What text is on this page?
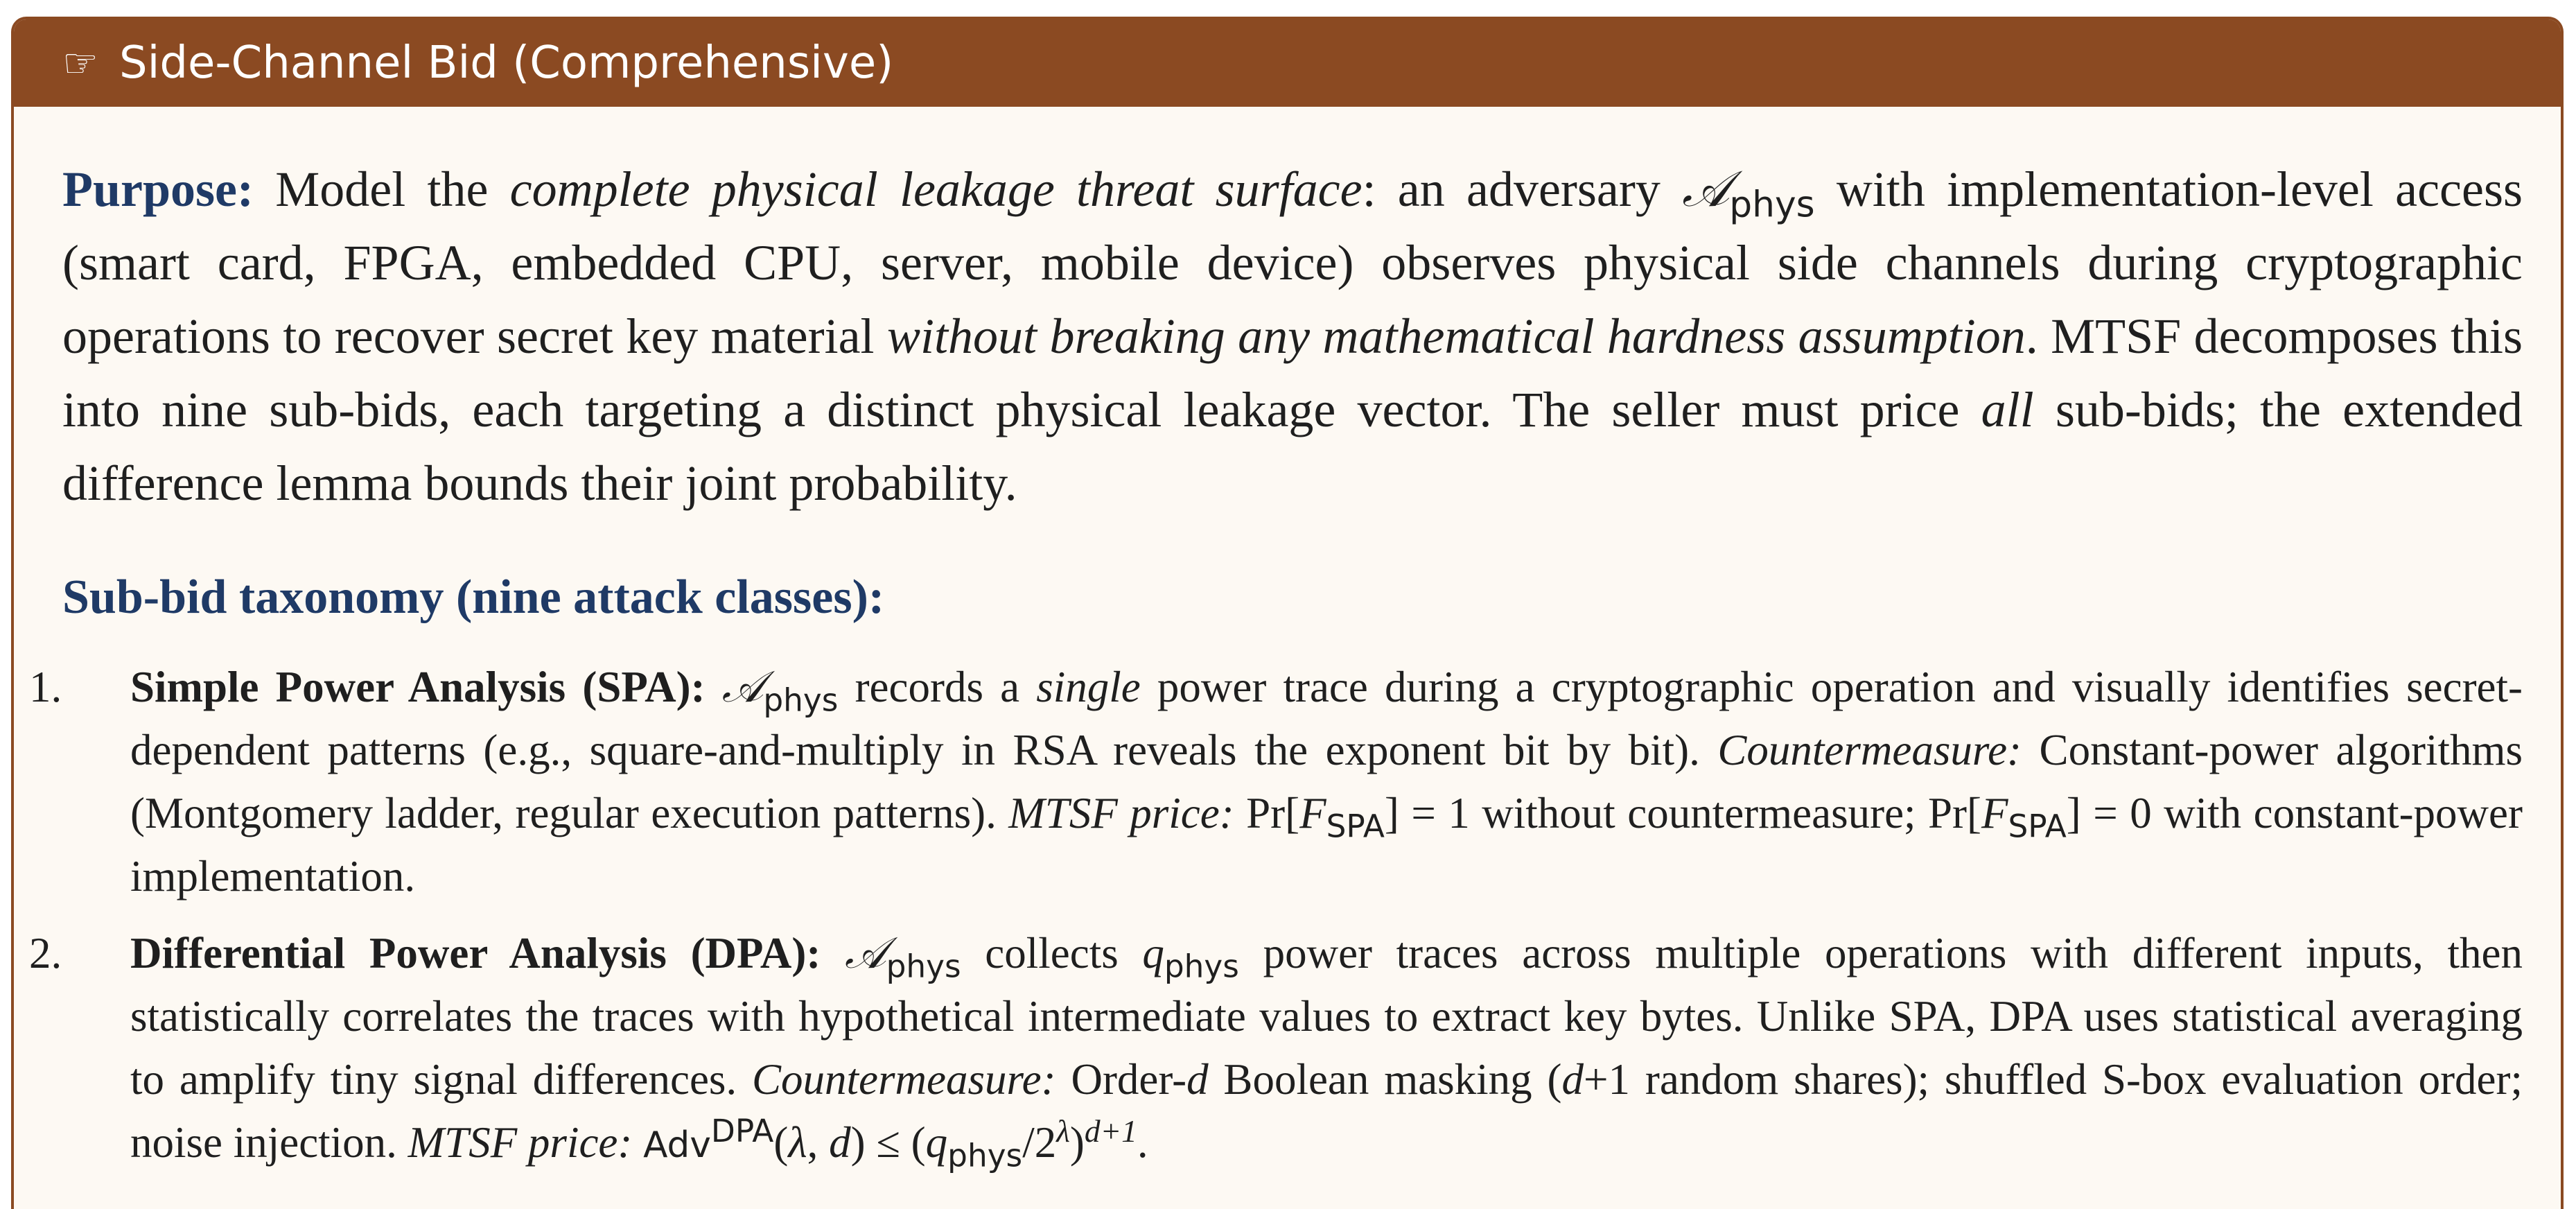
☞ Side-Channel Bid (Comprehensive)

Purpose: Model the complete physical leakage threat surface: an adversary 𝒜$_{phys}$ with implementation-level access (smart card, FPGA, embedded CPU, server, mobile device) observes physical side channels during cryptographic operations to recover secret key material without breaking any mathematical hardness assumption. MTSF decomposes this into nine sub-bids, each targeting a distinct physical leakage vector. The seller must price all sub-bids; the extended difference lemma bounds their joint probability.

Sub-bid taxonomy (nine attack classes):
1. Simple Power Analysis (SPA): 𝒜$_{phys}$ records a single power trace during a cryptographic operation and visually identifies secret-dependent patterns (e.g., square-and-multiply in RSA reveals the exponent bit by bit). Countermeasure: Constant-power algorithms (Montgomery ladder, regular execution patterns). MTSF price: $Pr[F_{SPA}] = 1$ without countermeasure; $Pr[F_{SPA}] = 0$ with constant-power implementation.
2. Differential Power Analysis (DPA): 𝒜$_{phys}$ collects $q_{phys}$ power traces across multiple operations with different inputs, then statistically correlates the traces with hypothetical intermediate values to extract key bytes. Unlike SPA, DPA uses statistical averaging to amplify tiny signal differences. Countermeasure: Order-d Boolean masking (d+1 random shares); shuffled S-box evaluation order; noise injection. MTSF price: Adv$^{DPA}$(λ, $d) \le (q_{phys}/2^\lambda)^{d+1}$.
